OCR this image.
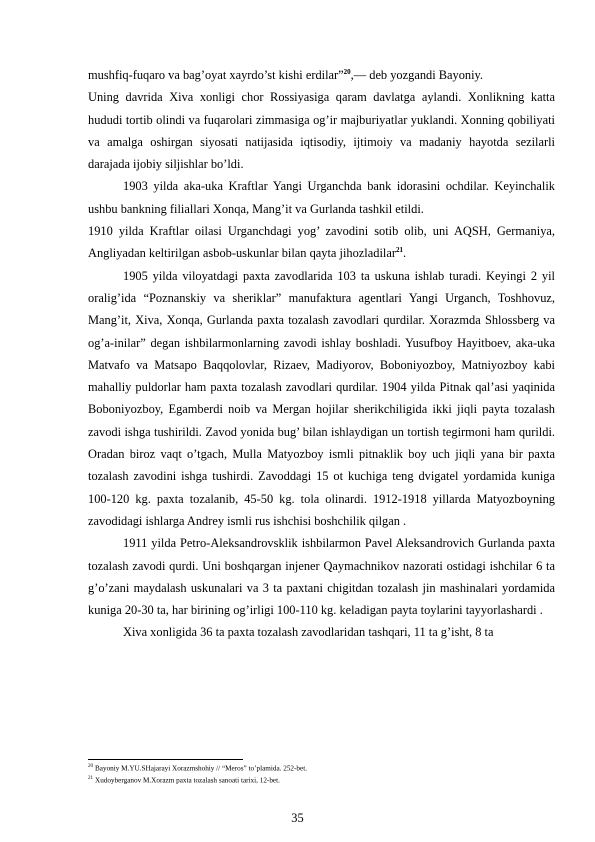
mushfiq-fuqaro va bag’oyat xayrdo’st kishi erdilar”$^{20}$,— deb yozgandi Bayoniy.

Uning davrida Xiva xonligi chor Rossiyasiga qaram davlatga aylandi. Xonlikning katta hududi tortib olindi va fuqarolari zimmasiga og’ir majburiyatlar yuklandi. Xonning qobiliyati va amalga oshirgan siyosati natijasida iqtisodiy, ijtimoiy va madaniy hayotda sezilarli darajada ijobiy siljishlar bo’ldi.

1903 yilda aka-uka Kraftlar Yangi Urganchda bank idorasini ochdilar. Keyinchalik ushbu bankning filiallari Xonqa, Mang’it va Gurlanda tashkil etildi.

1910 yilda Kraftlar oilasi Urganchdagi yog’ zavodini sotib olib, uni AQSH, Germaniya, Angliyadan keltirilgan asbob-uskunlar bilan qayta jihozladilar$^{21}$.

1905 yilda viloyatdagi paxta zavodlarida 103 ta uskuna ishlab turadi. Keyingi 2 yil oralig’ida “Poznanskiy va sheriklar” manufaktura agentlari Yangi Urganch, Toshhovuz, Mang’it, Xiva, Xonqa, Gurlanda paxta tozalash zavodlari qurdilar. Xorazmda Shlossberg va og’a-inilar” degan ishbilarmonlarning zavodi ishlay boshladi. Yusufboy Hayitboev, aka-uka Matvafo va Matsapo Baqqolovlar, Rizaev, Madiyorov, Boboniyozboy, Matniyozboy kabi mahalliy puldorlar ham paxta tozalash zavodlari qurdilar. 1904 yilda Pitnak qal’asi yaqinida Boboniyozboy, Egamberdi noib va Mergan hojilar sherikchiligida ikki jiqli payta tozalash zavodi ishga tushirildi. Zavod yonida bug’ bilan ishlaydigan un tortish tegirmoni ham qurildi. Oradan biroz vaqt o’tgach, Mulla Matyozboy ismli pitnaklik boy uch jiqli yana bir paxta tozalash zavodini ishga tushirdi. Zavoddagi 15 ot kuchiga teng dvigatel yordamida kuniga 100-120 kg. paxta tozalanib, 45-50 kg. tola olinardi. 1912-1918 yillarda Matyozboyning zavodidagi ishlarga Andrey ismli rus ishchisi boshchilik qilgan .

1911 yilda Petro-Aleksandrovsklik ishbilarmon Pavel Aleksandrovich Gurlanda paxta tozalash zavodi qurdi. Uni boshqargan injener Qaymachnikov nazorati ostidagi ishchilar 6 ta g’o’zani maydalash uskunalari va 3 ta paxtani chigitdan tozalash jin mashinalari yordamida kuniga 20-30 ta, har birining og’irligi 100-110 kg. keladigan payta toylarini tayyorlashardi .

Xiva xonligida 36 ta paxta tozalash zavodlaridan tashqari, 11 ta g’isht, 8 ta

$^{20}$ Bayoniy M.YU.SHajarayi Xorazmshohiy // “Meros” to’plamida. 252-bet.
$^{21}$ Xudoyberganov M.Xorazm paxta tozalash sanoati tarixi, 12-bet.
35
